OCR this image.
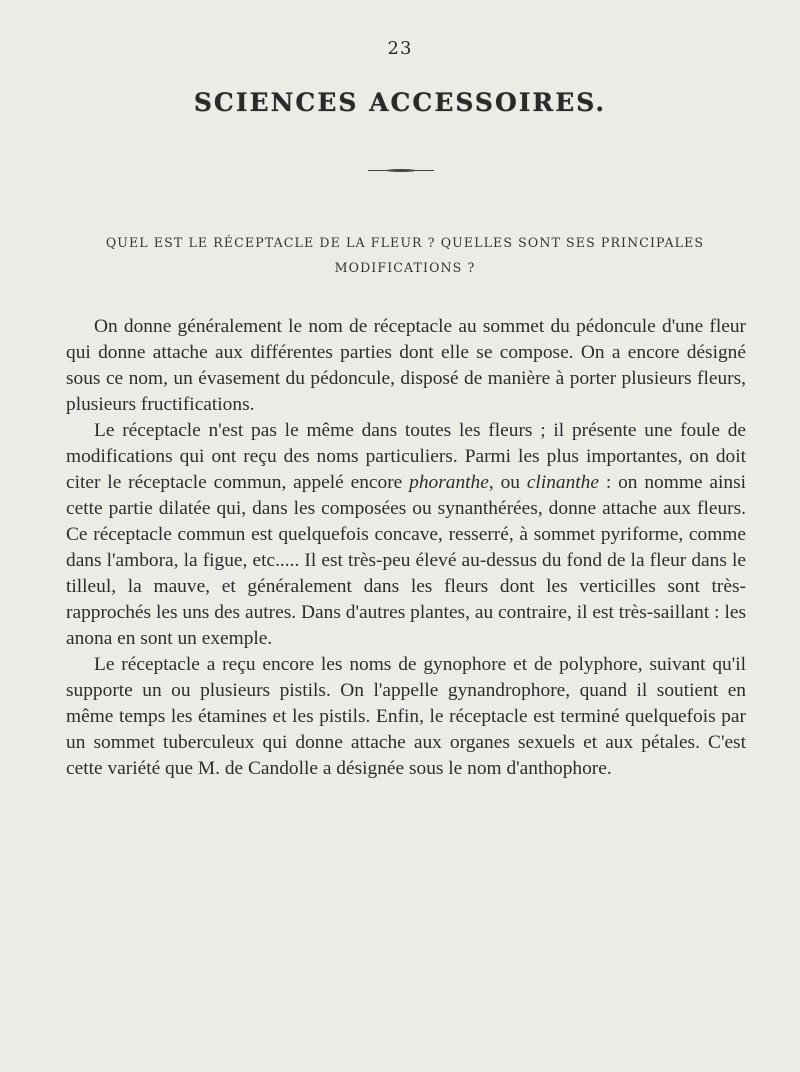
23
SCIENCES ACCESSOIRES.
QUEL EST LE RÉCEPTACLE DE LA FLEUR ? QUELLES SONT SES PRINCIPALES MODIFICATIONS ?

On donne généralement le nom de réceptacle au sommet du pédoncule d'une fleur qui donne attache aux différentes parties dont elle se compose. On a encore désigné sous ce nom, un évasement du pédoncule, disposé de manière à porter plusieurs fleurs, plusieurs fructifications.

Le réceptacle n'est pas le même dans toutes les fleurs ; il présente une foule de modifications qui ont reçu des noms particuliers. Parmi les plus importantes, on doit citer le réceptacle commun, appelé encore phoranthe, ou clinanthe : on nomme ainsi cette partie dilatée qui, dans les composées ou synanthérées, donne attache aux fleurs. Ce réceptacle commun est quelquefois concave, resserré, à sommet pyriforme, comme dans l'ambora, la figue, etc..... Il est très-peu élevé au-dessus du fond de la fleur dans le tilleul, la mauve, et généralement dans les fleurs dont les verticilles sont très-rapprochés les uns des autres. Dans d'autres plantes, au contraire, il est très-saillant : les anona en sont un exemple.

Le réceptacle a reçu encore les noms de gynophore et de polyphore, suivant qu'il supporte un ou plusieurs pistils. On l'appelle gynandrophore, quand il soutient en même temps les étamines et les pistils. Enfin, le réceptacle est terminé quelquefois par un sommet tuberculeux qui donne attache aux organes sexuels et aux pétales. C'est cette variété que M. de Candolle a désignée sous le nom d'anthophore.
